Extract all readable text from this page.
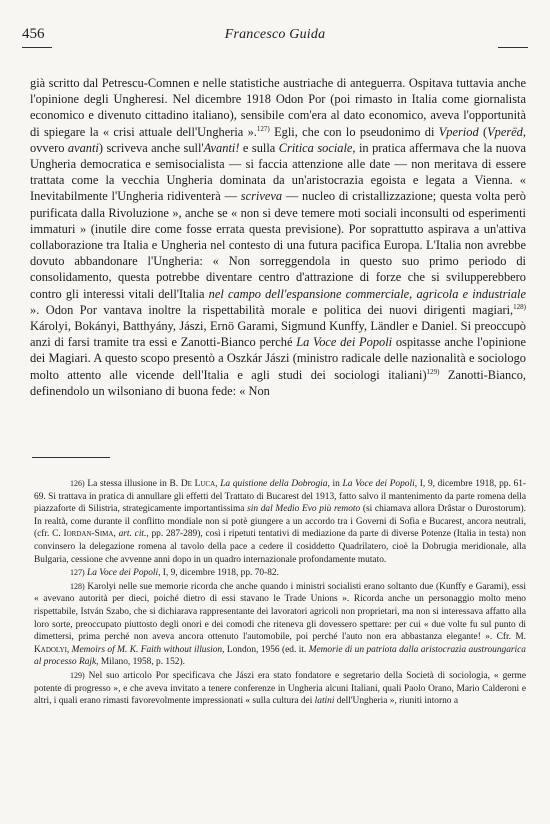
456	Francesco Guida

già scritto dal Petrescu-Comnen e nelle statistiche austriache di anteguerra. Ospitava tuttavia anche l'opinione degli Ungheresi. Nel dicembre 1918 Odon Por (poi rimasto in Italia come giornalista economico e divenuto cittadino italiano), sensibile com'era al dato economico, aveva l'opportunità di spiegare la « crisi attuale dell'Ungheria ».$^{127)}$ Egli, che con lo pseudonimo di Vperiod (Vperëd, ovvero avanti) scriveva anche sull'Avanti! e sulla Critica sociale, in pratica affermava che la nuova Ungheria democratica e semisocialista — si faccia attenzione alle date — non meritava di essere trattata come la vecchia Ungheria dominata da un'aristocrazia egoista e legata a Vienna. « Inevitabilmente l'Ungheria ridiventerà — scriveva — nucleo di cristallizzazione; questa volta però purificata dalla Rivoluzione », anche se « non si deve temere moti sociali inconsulti od esperimenti immaturi » (inutile dire come fosse errata questa previsione). Por soprattutto aspirava a un'attiva collaborazione tra Italia e Ungheria nel contesto di una futura pacifica Europa. L'Italia non avrebbe dovuto abbandonare l'Ungheria: « Non sorreggendola in questo suo primo periodo di consolidamento, questa potrebbe diventare centro d'attrazione di forze che si svilupperebbero contro gli interessi vitali dell'Italia nel campo dell'espansione commerciale, agricola e industriale ». Odon Por vantava inoltre la rispettabilità morale e politica dei nuovi dirigenti magiari,$^{128)}$ Károlyi, Bokányi, Batthyány, Jászi, Ernö Garami, Sigmund Kunffy, Ländler e Daniel. Si preoccupò anzi di farsi tramite tra essi e Zanotti-Bianco perché La Voce dei Popoli ospitasse anche l'opinione dei Magiari. A questo scopo presentò a Oszkár Jászi (ministro radicale delle nazionalità e sociologo molto attento alle vicende dell'Italia e agli studi dei sociologi italiani)$^{129)}$ Zanotti-Bianco, definendolo un wilsoniano di buona fede: « Non

126) La stessa illusione in B. De Luca, La quistione della Dobrogia, in La Voce dei Popoli, I, 9, dicembre 1918, pp. 61-69. Si trattava in pratica di annullare gli effetti del Trattato di Bucarest del 1913, fatto salvo il mantenimento da parte romena della piazzaforte di Silistria, strategicamente importantissima sin dal Medio Evo più remoto (si chiamava allora Drâstar o Durostorum). In realtà, come durante il conflitto mondiale non si potè giungere a un accordo tra i Governi di Sofia e Bucarest, ancora neutrali, (cfr. C. Iordan-Sima, art. cit., pp. 287-289), così i ripetuti tentativi di mediazione da parte di diverse Potenze (Italia in testa) non convinsero la delegazione romena al tavolo della pace a cedere il cosiddetto Quadrilatero, cioè la Dobrugia meridionale, alla Bulgaria, cessione che avvenne anni dopo in un quadro internazionale profondamente mutato.

127) La Voce dei Popoli, I, 9, dicembre 1918, pp. 70-82.

128) Karolyi nelle sue memorie ricorda che anche quando i ministri socialisti erano soltanto due (Kunffy e Garami), essi « avevano autorità per dieci, poiché dietro di essi stavano le Trade Unions ». Ricorda anche un personaggio molto meno rispettabile, István Szabo, che si dichiarava rappresentante dei lavoratori agricoli non proprietari, ma non si interessava affatto alla loro sorte, preoccupato piuttosto degli onori e dei comodi che riteneva gli dovessero spettare: per cui « due volte fu sul punto di dimettersi, prima perché non aveva ancora ottenuto l'automobile, poi perché l'auto non era abbastanza elegante! ». Cfr. M. Kadolyi, Memoirs of M. K. Faith without illusion, London, 1956 (ed. it. Memorie di un patriota dalla aristocrazia austroungarica al processo Rajk, Milano, 1958, p. 152).

129) Nel suo articolo Por specificava che Jászi era stato fondatore e segretario della Società di sociologia, « germe potente di progresso », e che aveva invitato a tenere conferenze in Ungheria alcuni Italiani, quali Paolo Orano, Mario Calderoni e altri, i quali erano rimasti favorevolmente impressionati « sulla cultura dei latini dell'Ungheria », riuniti intorno a
